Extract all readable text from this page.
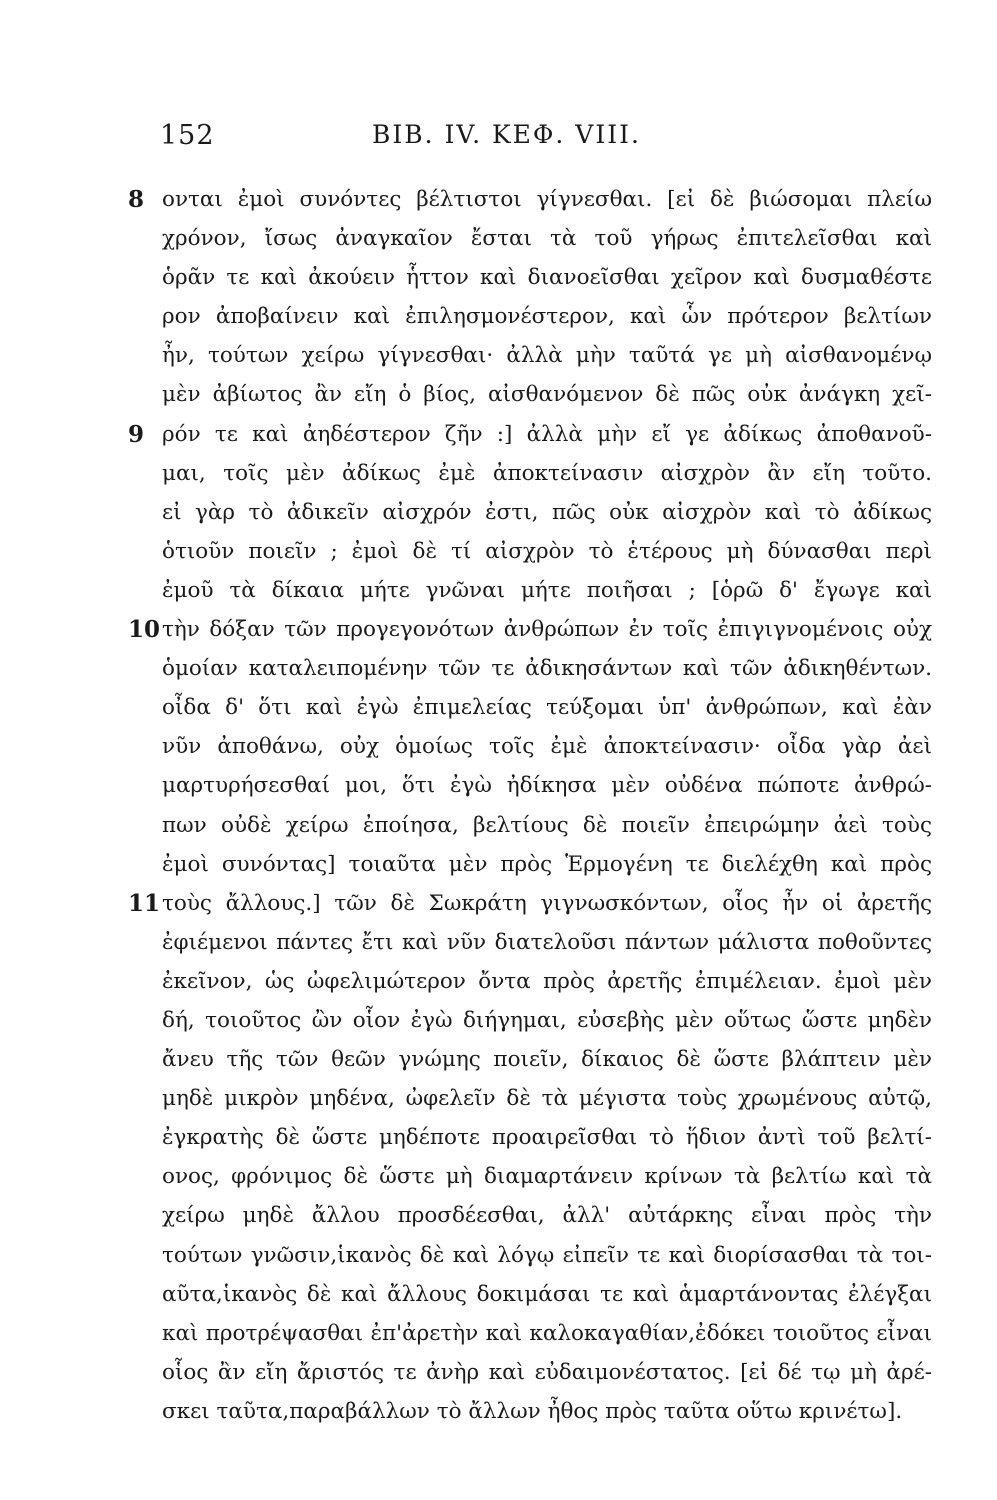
152	ΒΙΒ. IV. ΚΕΦ. VIII.
8 ονται ἐμοὶ συνόντες βέλτιστοι γίγνεσθαι. [εἰ δὲ βιώσομαι πλείω
χρόνον, ἴσως ἀναγκαῖον ἔσται τὰ τοῦ γήρως ἐπιτελεῖσθαι καὶ
ὁρᾶν τε καὶ ἀκούειν ἧττον καὶ διανοεῖσθαι χεῖρον καὶ δυσμαθέστε
ρον ἀποβαίνειν καὶ ἐπιλησμονέστερον, καὶ ὧν πρότερον βελτίων
ἦν, τούτων χείρω γίγνεσθαι· ἀλλὰ μὴν ταῦτά γε μὴ αἰσθανομένῳ
μὲν ἀβίωτος ἂν εἴη ὁ βίος, αἰσθανόμενον δὲ πῶς οὐκ ἀνάγκη χεῖ-
9 ρόν τε καὶ ἀηδέστερον ζῆν :] ἀλλὰ μὴν εἴ γε ἀδίκως ἀποθανοῦ-
μαι, τοῖς μὲν ἀδίκως ἐμὲ ἀποκτείνασιν αἰσχρὸν ἂν εἴη τοῦτο.
εἰ γὰρ τὸ ἀδικεῖν αἰσχρόν ἐστι, πῶς οὐκ αἰσχρὸν καὶ τὸ ἀδίκως
ὁτιοῦν ποιεῖν ; ἐμοὶ δὲ τί αἰσχρὸν τὸ ἑτέρους μὴ δύνασθαι περὶ
ἐμοῦ τὰ δίκαια μήτε γνῶναι μήτε ποιῆσαι ; [ὁρῶ δ' ἔγωγε καὶ
10 τὴν δόξαν τῶν προγεγονότων ἀνθρώπων ἐν τοῖς ἐπιγιγνομένοις οὐχ
ὁμοίαν καταλειπομένην τῶν τε ἀδικησάντων καὶ τῶν ἀδικηθέντων.
οἶδα δ' ὅτι καὶ ἐγὼ ἐπιμελείας τεύξομαι ὑπ' ἀνθρώπων, καὶ ἐὰν
νῦν ἀποθάνω, οὐχ ὁμοίως τοῖς ἐμὲ ἀποκτείνασιν· οἶδα γὰρ ἀεὶ
μαρτυρήσεσθαί μοι, ὅτι ἐγὼ ἠδίκησα μὲν οὐδένα πώποτε ἀνθρώ-
πων οὐδὲ χείρω ἐποίησα, βελτίους δὲ ποιεῖν ἐπειρώμην ἀεὶ τοὺς
ἐμοὶ συνόντας] τοιαῦτα μὲν πρὸς Ἑρμογένη τε διελέχθη καὶ πρὸς
11 τοὺς ἄλλους.] τῶν δὲ Σωκράτη γιγνωσκόντων, οἷος ἦν οἱ ἀρετῆς
ἐφιέμενοι πάντες ἔτι καὶ νῦν διατελοῦσι πάντων μάλιστα ποθοῦντες
ἐκεῖνον, ὡς ὠφελιμώτερον ὄντα πρὸς ἀρετῆς ἐπιμέλειαν. ἐμοὶ μὲν
δή, τοιοῦτος ὢν οἷον ἐγὼ διήγημαι, εὐσεβὴς μὲν οὕτως ὥστε μηδὲν
ἄνευ τῆς τῶν θεῶν γνώμης ποιεῖν, δίκαιος δὲ ὥστε βλάπτειν μὲν
μηδὲ μικρὸν μηδένα, ὠφελεῖν δὲ τὰ μέγιστα τοὺς χρωμένους αὐτῷ,
ἐγκρατὴς δὲ ὥστε μηδέποτε προαιρεῖσθαι τὸ ἥδιον ἀντὶ τοῦ βελτί-
ονος, φρόνιμος δὲ ὥστε μὴ διαμαρτάνειν κρίνων τὰ βελτίω καὶ τὰ
χείρω μηδὲ ἄλλου προσδέεσθαι, ἀλλ' αὐτάρκης εἶναι πρὸς τὴν
τούτων γνῶσιν,ἱκανὸς δὲ καὶ λόγῳ εἰπεῖν τε καὶ διορίσασθαι τὰ τοι-
αῦτα,ἱκανὸς δὲ καὶ ἄλλους δοκιμάσαι τε καὶ ἁμαρτάνοντας ἐλέγξαι
καὶ προτρέψασθαι ἐπ'ἀρετὴν καὶ καλοκαγαθίαν,ἐδόκει τοιοῦτος εἶναι
οἷος ἂν εἴη ἄριστός τε ἀνὴρ καὶ εὐδαιμονέστατος. [εἰ δέ τῳ μὴ ἀρέ-
σκει ταῦτα,παραβάλλων τὸ ἄλλων ἦθος πρὸς ταῦτα οὕτω κρινέτω].
